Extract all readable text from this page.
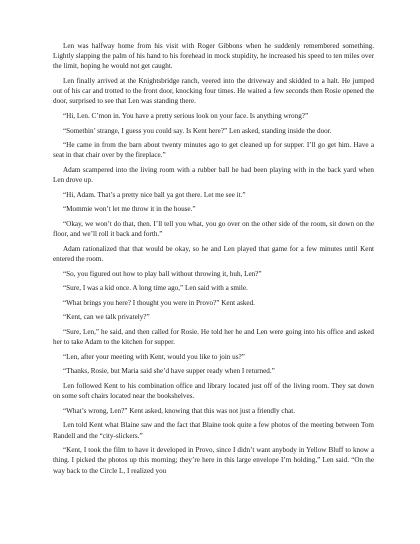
Len was halfway home from his visit with Roger Gibbons when he suddenly remembered something. Lightly slapping the palm of his hand to his forehead in mock stupidity, he increased his speed to ten miles over the limit, hoping he would not get caught.

Len finally arrived at the Knightsbridge ranch, veered into the driveway and skidded to a halt. He jumped out of his car and trotted to the front door, knocking four times. He waited a few seconds then Rosie opened the door, surprised to see that Len was standing there.

“Hi, Len. C’mon in. You have a pretty serious look on your face. Is anything wrong?”

“Somethin’ strange, I guess you could say. Is Kent here?” Len asked, standing inside the door.

“He came in from the barn about twenty minutes ago to get cleaned up for supper. I’ll go get him. Have a seat in that chair over by the fireplace.”

Adam scampered into the living room with a rubber ball he had been playing with in the back yard when Len drove up.

“Hi, Adam. That’s a pretty nice ball ya got there. Let me see it.”

“Mommie won’t let me throw it in the house.”

“Okay, we won’t do that, then. I’ll tell you what, you go over on the other side of the room, sit down on the floor, and we’ll roll it back and forth.”

Adam rationalized that that would be okay, so he and Len played that game for a few minutes until Kent entered the room.

“So, you figured out how to play ball without throwing it, huh, Len?”

“Sure, I was a kid once. A long time ago,” Len said with a smile.

“What brings you here? I thought you were in Provo?” Kent asked.

“Kent, can we talk privately?”

“Sure, Len,” he said, and then called for Rosie. He told her he and Len were going into his office and asked her to take Adam to the kitchen for supper.

“Len, after your meeting with Kent, would you like to join us?”

“Thanks, Rosie, but Maria said she’d have supper ready when I returned.”

Len followed Kent to his combination office and library located just off of the living room. They sat down on some soft chairs located near the bookshelves.

“What’s wrong, Len?” Kent asked, knowing that this was not just a friendly chat.

Len told Kent what Blaine saw and the fact that Blaine took quite a few photos of the meeting between Tom Randell and the “city-slickers.”

“Kent, I took the film to have it developed in Provo, since I didn’t want anybody in Yellow Bluff to know a thing. I picked the photos up this morning; they’re here in this large envelope I’m holding,” Len said. “On the way back to the Circle L, I realized you
